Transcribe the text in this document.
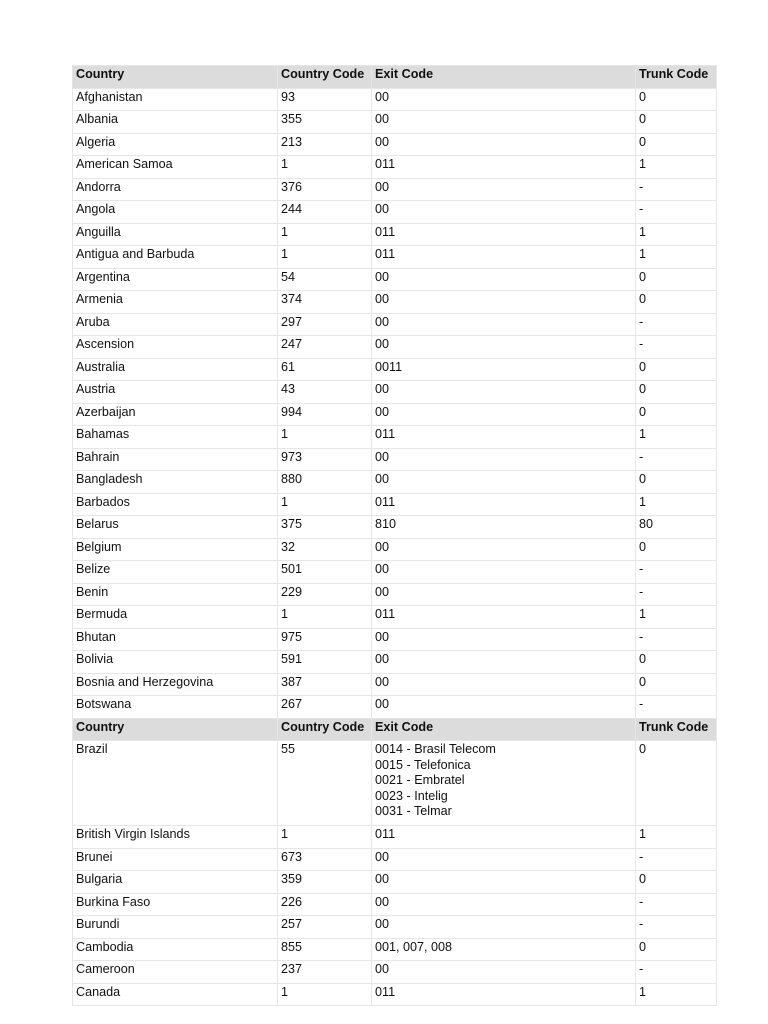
Country	Country Code	Exit Code	Trunk Code
Afghanistan	93	00	0
Albania	355	00	0
Algeria	213	00	0
American Samoa	1	011	1
Andorra	376	00	-
Angola	244	00	-
Anguilla	1	011	1
Antigua and Barbuda	1	011	1
Argentina	54	00	0
Armenia	374	00	0
Aruba	297	00	-
Ascension	247	00	-
Australia	61	0011	0
Austria	43	00	0
Azerbaijan	994	00	0
Bahamas	1	011	1
Bahrain	973	00	-
Bangladesh	880	00	0
Barbados	1	011	1
Belarus	375	810	80
Belgium	32	00	0
Belize	501	00	-
Benin	229	00	-
Bermuda	1	011	1
Bhutan	975	00	-
Bolivia	591	00	0
Bosnia and Herzegovina	387	00	0
Botswana	267	00	-
Country	Country Code	Exit Code	Trunk Code
Brazil	55	0014 - Brasil Telecom
0015 - Telefonica
0021 - Embratel
0023 - Intelig
0031 - Telmar	0
British Virgin Islands	1	011	1
Brunei	673	00	-
Bulgaria	359	00	0
Burkina Faso	226	00	-
Burundi	257	00	-
Cambodia	855	001, 007, 008	0
Cameroon	237	00	-
Canada	1	011	1
